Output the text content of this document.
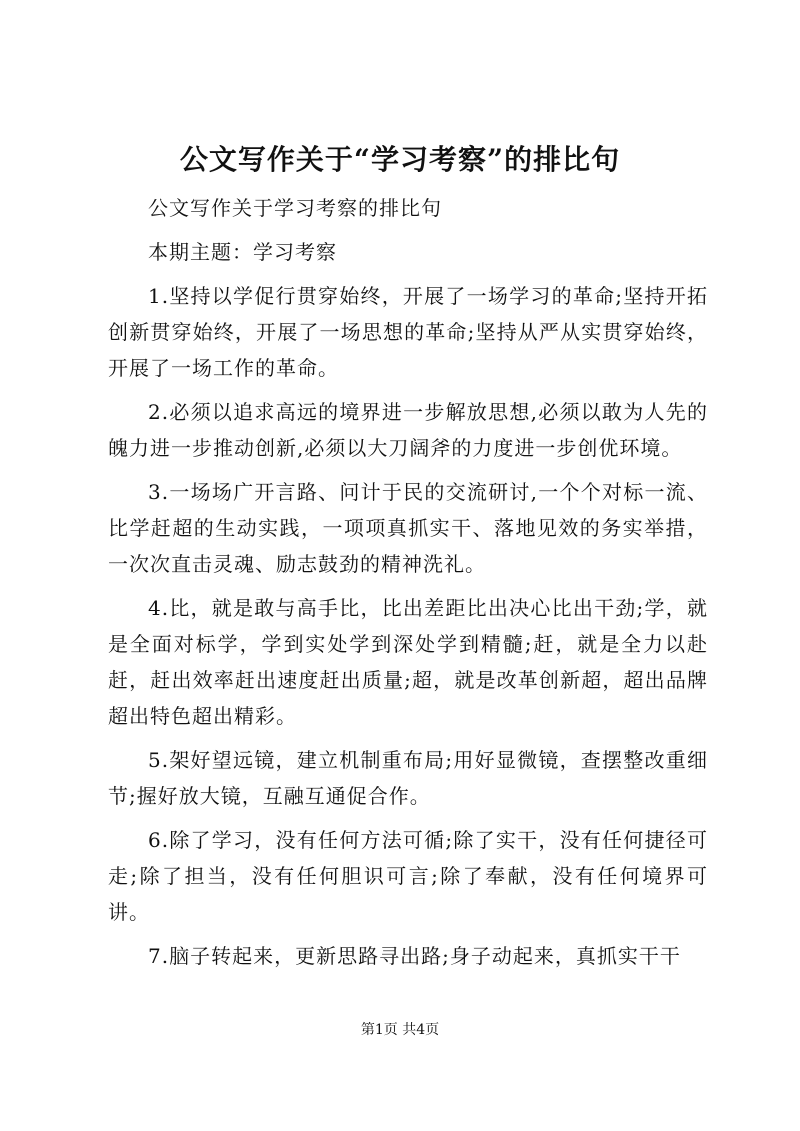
公文写作关于“学习考察”的排比句

公文写作关于学习考察的排比句

本期主题：学习考察

1.坚持以学促行贯穿始终，开展了一场学习的革命;坚持开拓创新贯穿始终，开展了一场思想的革命;坚持从严从实贯穿始终，开展了一场工作的革命。

2.必须以追求高远的境界进一步解放思想,必须以敢为人先的魄力进一步推动创新,必须以大刀阔斧的力度进一步创优环境。

3.一场场广开言路、问计于民的交流研讨,一个个对标一流、比学赶超的生动实践，一项项真抓实干、落地见效的务实举措，一次次直击灵魂、励志鼓劲的精神洗礼。

4.比，就是敢与高手比，比出差距比出决心比出干劲;学，就是全面对标学，学到实处学到深处学到精髓;赶，就是全力以赴赶，赶出效率赶出速度赶出质量;超，就是改革创新超，超出品牌超出特色超出精彩。

5.架好望远镜，建立机制重布局;用好显微镜，查摆整改重细节;握好放大镜，互融互通促合作。

6.除了学习，没有任何方法可循;除了实干，没有任何捷径可走;除了担当，没有任何胆识可言;除了奉献，没有任何境界可讲。

7.脑子转起来，更新思路寻出路;身子动起来，真抓实干干

第1页 共4页
